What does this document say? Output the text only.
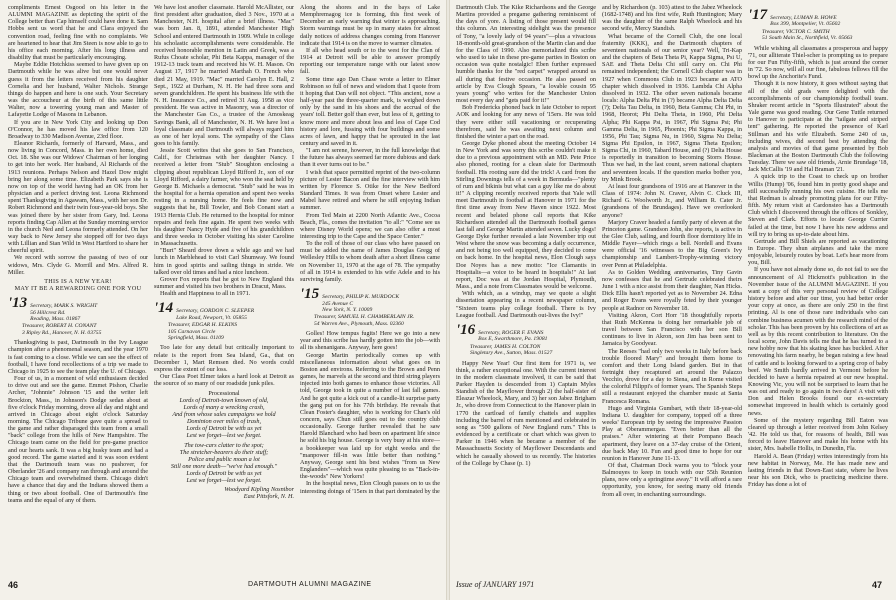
compliments Ernest Osgood on his letter in the ALUMNI MAGAZINE as depicting the spirit of the College better than Cap himself could have done it. Sam Hobbs sent us word that he and Clara enjoyed the convention road, feeling fine with no complaints. We are heartened to hear that Jim Steen is now able to go to his office each morning. After his long illness and disability that must be particularly encouraging.

Maybe Eddie Hotchkiss seemed to have given up on Dartmouth while he was alive but one would never guess it from the letters received from his daughter Cornelia and her husband, Walter Nichols. Strange things do happen and here is one such. Your Secretary was the accoucheur at the birth of this same little Walter, now a towering young man and Master of Lafayette Lodge of Masons in Lebanon.

If you are in New York City and looking up Don O'Connor, he has moved his law office from 120 Broadway to 330 Madison Avenue, 23rd floor.

Eleanor Richards, formerly of Harvard, Mass., and now living in Concord, Mass. in her own home, died Oct. 18. She was our Widows' Chairman of her longing to get into her work. Her husband, Al Richards of the 1913 reunions. Perhaps Nelson and Hazel Dow might bring her along some time. Elizabeth Park says she is now on top of the world having had an OK from her physician and a perfect driving test. Leona Richmond spent Thanksgiving in Agawam, Mass., with her son Dr. Robert Richmond and their twin four-year-old boys. She was joined there by her sister from Gary, Ind. Leona reports finding Cap Allen at the Sunday morning service in the church Ned and Leona formerly attended. On her way back to New Jersey she stopped off for two days with Lillian and Stan Wild in West Hartford to share her cheerful spirit.

We record with sorrow the passing of two of our widows, Mrs. Clyde G. Morrill and Mrs. Alfred R. Miller.

THIS IS A NEW YEAR!
MAY IT BE A REWARDING ONE FOR YOU
'13 Secretary, MARK S. WRIGHT
56 Hillcrest Rd.
Reading, Mass. 01867
Treasurer, ROBERT H. CONANT
3 Ripley Rd., Hanover, N. H. 03755

Thanksgiving is past, Dartmouth in the Ivy League champion after a phenomenal season, and the year 1970 is fast coming to a close. While we can see the effect of football, I have fond recollections of a trip we made to Chicago in 1925 to see the team play the U. of Chicago.

Four of us, in a moment of wild enthusiasm decided to drive out and see the game. Emmet Pishon, Charlie Archer, "Johnnie" Johnson '15 and the writer left Brockton, Mass., in Johnson's Dodge sedan about at five o'clock Friday morning, drove all day and night and arrived in Chicago about eight o'clock Saturday morning. The Chicago Tribune gave quite a spread to the game and rather disparaged this team from a small "back" college from the hills of New Hampshire. The Chicago team came on the field for pre-game practice and our hearts sank. It was a big husky team and had a good record. The game started and it was soon evident that the Dartmouth team was no pushover, for Oberlander '26 and company ran through and around the Chicago team and overwhelmed them. Chicago didn't have a chance that day and the Indians showed them a thing or two about football. One of Dartmouth's fine teams and the equal of any of them.

We have lost another classmate. Harold McAllister, our first president after graduation, died 3 Nov., 1970 at a Manchester, N.H. hospital after a brief illness. "Mac" was born Jan. 8, 1891, attended Manchester High School and entered Dartmouth in 1909. While in college his scholastic accomplishments were considerable. He received honorable mention in Latin and Greek, was a Rufus Choate scholar, Phi Beta Kappa, manager of the 1912-13 track team and received his W. H. Mason. On August 17, 1917 he married Marthah O. French who died 21 May, 1919. "Mac" married Carolyn E. Hall, 2 Sept., 1922 at Durham, N. H. He had three sons and seven grandchildren. He spent his business life with the N. H. Insurance Co., and retired 31 Aug. 1958 as vice president. He was active in Masonry, was a director of the Manchester Gas Co., a trustee of the Amoskeag Savings Bank, all of Manchester, N. H. We have lost a loyal classmate and Dartmouth will always regard him as one of her loyal sons. The sympathy of the Class goes to his family.

Jessie Scott writes that she goes to San Francisco, Calif., for Christmas with her daughter Nancy. I received a letter from "Stub" Stoughton enclosing a clipping about republican Lloyd Rifford Jr., son of our Lloyd Rifford, a dairy farmer, who won the seat held by George B. Michaels a democrat. "Stub" said he was in the hospital for a hernia operation and spent two weeks resting in a nursing home. He feels fine now and suggests that he, Bill Towler, and Bob Conant start a 1913 Hernia Club. He returned to the hospital for minor repairs and feels fine again. He spent two weeks with his daughter Nancy Hyde and five of his grandchildren and three weeks in October visiting his sister Caroline in Massachusetts.

"Burt" Sheard drove down a while ago and we had lunch in Marblehead to visit Carl Shumway. We found him in good spirits and sailing things in stride. We talked over old times and had a nice luncheon.

Grover Fox reports that he got to New England this summer and visited his two brothers in Dracut, Mass.

Health and Happiness to all in 1971.

'14 Secretary, GORDON C. SLEEPER
Lake Road, Newport, Vt. 05855
Treasurer, EDGAR H. ELKINS
105 Carnavon Circle
Springfield, Mass. 01109

Too late for any detail but critically important to relate is the report from Sea Island, Ga., that on December 1, Mart Remsen died. No words could express the extent of our loss.

Our Class Poet Elmer takes a hard look at Detroit as the source of so many of our roadside junk piles.

Processional
Lords of Detroit-town known of old,
Lords of many a wrecking crash,
And from whose sales campaigns we hold
Dominion over miles of trash,
Lords of Detroit be with us yet
Lest we forget—lest we forget.
The tow-cars clatter to the spot;
The stretcher-bearers do their stuff;
Police and public moan a lot
Still one more death—"we've had enough."
Lords of Detroit be with us yet
Lest we forget—lest we forget.
Woodyard Kipling Nosnibor
East Pittsfork, N. H.

Along the shores and in the bays of Lake Memphremagog ice is forming, this first week of December an early warning that winter is approaching. Storm warnings must be up in many states for almost daily notices of address changes coming from Hanover indicate that 1914 is on the move to warmer climates.

If all who head south or to the west for the Clan of 1914 at Detroit will be able to answer promptly reporting our temperature range with our latest snow fall.

Some time ago Dan Chase wrote a letter to Elmer Robinson so full of news and wisdom that I quote from it hoping that Dan will not object. "This ancient, now a half-year past the three-quarter mark, is weighed down only by the sand in his shoes and the accrual of the years' toll. Better golf than ever, but less of it, getting to know more and more about less and less of Cape Cod history and lore, fussing with four buildings and some acres of lawn, and happy that he sprouted in the last century and saved in it.

"I am not serene, however, in the full knowledge that the future has always seemed far more dubious and dark than it ever turns out to be."

I wish that space permitted reprint of the two-column picture of Lester Bacon and the fine interview with him written by Florence S. Otike for the New Bedford Standard Times. It was from Onset where Lester and Mabel have retired and where he still enjoying Indian summer.

From Ted Main at 2200 North Atlantic Ave., Cocoa Beach, Fla., comes the invitation "to all:" "Come see us where Disney World opens; we can also offer a most interesting trip to the Cape and the Space Center."

To the roll of those of our class who have passed on must be added the name of James Douglas Gregg of Wellesley Hills to whom death after a short illness came on November 11, 1970 at the age of 78. The sympathy of all in 1914 is extended to his wife Adele and to his surviving family.

'15 Secretary, PHILIP K. MURDOCK
245 Avenue C
New York, N. Y. 10009
Treasurer, SAMUEL H. CHAMBERLAIN JR.
54 Warren Ave., Plymouth, Mass. 02360

Golles! How tempus fugits! Here we go into a new year and this scribe has hardly gotten into the job—with all its shenanigans. Anyway, here goes!

George Martin periodically comes up with miscellaneous information about what goes on in Boston and environs. Referring to the Brown and Penn games, he marvels at the second and third string players injected into both games to enhance those victories. All told, George took in quite a number of last fall games. And he got quite a kick out of a candle-lit surprise party the gang put on for his 77th birthday. He reveals that Clean Foster's daughter, who is working for Chan's old concern, says Chun still goes out to the country club occasionally. George further revealed that he saw Harold Blanchard who had been on apartment life since he sold his big house. George is very busy at his store—a bookkeeper was laid up for eight weeks and the "manpower fill-in was little better than nothing." Anyway, George sent his best wishes "from us New Englanders"—which was quite pleasing to us "Back-in-the-woods" New Yorkers!

In the hospital news, Elon Clough passes on to us the interesting doings of '15ers in that part dominated by the

Dartmouth Club. The Kike Richardsons and the George Martins provided a pregame gathering reminiscent of the days of yore. A listing of those present would fill this column. An interesting sidelight was the presence of Tony, "a lovely lady of 94 years"—plus a vivacious 18-month-old great-grandson of the Martin clan and due for the Class of 1990. Also memorialized this scribe who used to take in these pre-game parties in Boston on occasion was quite nostalgic! Eben further expressed humble thanks for the "red carpet" wrapped around us all during that festive occasion. He also passed on article by Eva Clough Spears, "a lovable cousin 95 years young" who writes for the Manchester Union most every day and "gets paid for it!"

Bob Fredericks phoned back in late October to report AOK and looking for any news of '15ers. He was told they were either still vacationing or recuperating therefrom, said he was awaiting next column and finished the winter a part on the road.

George Dyke phoned about the meeting October 14 in New York and was sorry this scribe couldn't make it due to a previous appointment with an MD. Pete Price also phoned, rooting for a clean slate for Dartmouth football. His rooting sure did the trick! A card from the Stirling Downings tells of a week in Bermuda—"plenty of rum and bikinis but what can a guy like me do about it!" A clipping recently received reports that Yale will meet Dartmouth in football at Hanover in 1971 for the first time away from New Haven since 1922. Most recent and belated phone call reports that Kike Richardson attended all the Dartmouth football games last fall and George Martin attended seven. Lucky dogs! George Dyke further revealed a late November trip out West where the snow was becoming a daily occurrence, and not being too well equipped, they decided to come on back home. In the hospital news, Elon Clough says Doe Noyes has a new motto: "Ice Clamantis in Hospitalis—a voice to be heard in hospitals!" At last report, Doc was at the Jordan Hospital, Plymouth, Mass., and a note from Classmates would be welcome.

With which, as a windup, may we quote a slight dissertation appearing in a recent newspaper column, "Sixteen teams play college football. There is Ivy League football. And Dartmouth out-lives the Ivy!"

'16 Secretary, ROGER F. EVANS
Box E, Swarthmore, Pa. 19081
Treasurer, JAMES H. COLTON
Singletary Ave., Sutton, Mass. 01527

Happy New Year! Our first item for 1971 is, we think, a rather exceptional one. With the current interest in the modern classmate involved, it can be said that Parker Hayden is descended from 1) Captain Myles Standish of the Mayflower through 2) the half-sister of Eleazar Wheelock, Mary, and 3) her son Jabez Brigham Jr., who drove from Connecticut to the Hanover plain in 1770 the cartload of family chattels and supplies including the barrel of rum mentioned and celebrated in song as "500 gallons of New England rum." This is evidenced by a certificate or chart which was given to Parker in 1946 when he became a member of the Massachusetts Society of Mayflower Descendants and which he casually showed to us recently. The histories of the College by Chase (p. 1)

and by Richardson (p. 103) attest to the Jabez Wheelock (1682-1748) and his first wife, Ruth Huntington; Mary was the daughter of the same Ralph Wheelock and his second wife, Mercy Standish.

What became of the Cornell Club, the one local fraternity (KKK), and the Dartmouth chapters of seventeen nationals of our senior year? Well, Tri-Kap and the chapters of Beta Theta Pi, Kappa Sigma, Psi U, SAE and Theta Delta Chi still carry on. Chi Phi remained independent; the Cornell Club chapter was in 1927 when Commons Club in 1923 became an ATO chapter which dissolved in 1936. Lambda Chi Alpha dissolved in 1932. The other seven nationals became locals: Alpha Delta Phi in (?) became Alpha Delta Delta (?); Delta Tau Delta, in 1960, Beta Gamma; Chi Phi, in 1968, Heorot; Phi Delta Theta, in 1960, Phi Delta Alpha; Phi Kappa Psi, in 1967, Phi Sigma Psi; Phi Gamma Delta, in 1965, Phoenix; Phi Sigma Kappa, in 1956, Phi Tau; Sigma Nu, in 1960, Sigma Nu Delta; Sigma Phi Epsilon, in 1967, Sigma Theta Epsilon; Sigma Chi, in 1960, Tabard House, and (?) Delta House is reportedly in transition to becoming Storrs House. Thus we had, in the last count, seven national chapters and seventeen locals. If the question marks bother you, try Mink Brook.

At least four grandsons of 1916 are at Hanover in the Class of 1974: John N. Craver, Alvin C. Cluck III, Richard G. Woolworth Jr., and William R. Cater Jr. (grandsons of the Brundages). Have we overlooked anyone?

Marjory Craver headed a family party of eleven at the Princeton game. Grandson John, she reports, is active in the Glee Club, sailing, and fourth floor dormitory life in Middle Fayer—which rings a bell. Nordell and Evans were official '16 witnesses to the Big Green's Ivy championship and Lambert-Trophy-winning victory over Penn at Philadelphia.

As to Golden Wedding anniversaries, Tiny Gavin now confesses that he and Gertrude celebrated theirs June 1 with a nice assist from their daughter, Nan Hicks. Dick Ellis hasn't reported yet as to November 24. Edna and Roger Evans were royally feted by their younger people at Radnor on November 18.

Visiting Akron, Cort Horr '18 thoughtfully reports that Ruth McKenna is doing her remarkable job of travel between San Francisco with her son Bill continues to live in Akron, son Jim has been sent to Jamaica by Goodyear.

The Reeses "had only two weeks in Italy before back trouble floored Mary" and brought them home to comfort and their Long Island garden. But in that fortnight they recaptured art around the Palazzo Vecchio, drove for a day to Siena, and in Rome visited the colorful Filippi's of former years. The Spanish Steps still a restaurant enjoyed the chamber music at Santa Francesca Romana.

Hugo and Virginia Gumbart, with their 18-year-old Indiana U. daughter for company, topped off a three weeks' European trip by seeing the impressive Passion Play at Oberammergau. "Even better than all the praises." After wintering at their Pompano Beach apartment, they leave on a 37-day cruise of the Orient, due back May 10. Fun and good time to hope for our reunion in Hanover June 11-13.

Of that, Chairman Dock warns you to "block your Balmouyes to keep in touch with our 55th Reunion plans, now only a springtime away." It will afford a rare opportunity, you know, for seeing many old friends from all over, in enchanting surroundings.

'17 Secretary, LUMAN B. HOWE
Box 399, Montpelier, Vt. 05602
Treasurer, VICTOR C. SMITH
51 South Main St., Northfield, Vt. 05663

While wishing all classmates a prosperous and happy '71, our alliterate Thiel-scher is prompting us to prepare for our Fun Fifty-fifth, which is just around the corner in '72. So now, will all our fine, fabulous fellows fill the bowl up the Anchorite's Fund.

Though it is now history, it goes without saying that all of the old grads were delighted with the accomplishments of our championship football team. Shraker recent article in "Sports Illustrated" about the Yale game was good reading. Our Gene Tuttle returned to Hanover to participate at the "tailgate and striped tent" gathering. He reported the presence of Karl Stillman and his wife Elizabeth. Some 240 of us, including wives, did second best by attending the analysis and movies of that game presented by Bob Blackman at the Boston Dartmouth Club the following Tuesday. There we saw old friends, Arnie Brundage '18, Jack McCallis '19 and Hal Braman '21.

A quick trip to the Coast to check up on brother Willis (Hump) '06, found him in pretty good shape and still successfully running his own cuisine. He tells me that Redman is already promoting plans for our Fifty-fifth. My return visit at Cardonsteo has a Dartmouth Club which I discovered through the offices of Sonkley, Steven and Clark. Efforts to locate George Currier failed at the time, but now I have his new address and will try to bring us up-to-date about him.

Gertrude and Bill Shiels are reported as vacationing in Europe. They shun airplanes and take the more enjoyable, leisurely routes by boat. Let's hear more from you, Bill.

If you have not already done so, do not fail to see the announcement of Al Hickmott's publication in the November issue of the ALUMNI MAGAZINE. If you want a copy of this very personal review of College history before and after our time, you had better order your copy at once, as there are only 250 in the first printing. Al is one of those rare individuals who can combine business acumen with the research mind of the scholar. This has been proven by his collections of art as well as by this recent contribution to literature. On the local scene, John Davis tells me that he has turned to a new hobby now that his skating knee has buckled. After renovating his farm nearby, he began raising a few head of cattle and is looking forward to a spring crop of baby beef. We Smith hardly arrived in Vermont before he decided to have a hernia repaired at our new hospital. Knowing Vic, you will not be surprised to learn that he was out and ready to go again in two days! A visit with Don and Helen Brooks found our ex-secretary somewhat improved in health which is certainly good news.

Some of the mystery regarding Bill Eaton was cleared up through a letter received from John Kelsey '42. He told us that, for reasons of health, Bill was forced to leave Hanover and make his home with his sister, Mrs. Isabelle Hollis, in Dunedin, Fla.

Harold A. Bean (Friday) writes interestingly from his new habitat in Norway, Me. He has made new and lasting friends in that Down-East state, where he lives near his son Dick, who is practicing medicine there. Friday has done a lot of

46	DARTMOUTH ALUMNI MAGAZINE	Issue of JANUARY 1971	47
